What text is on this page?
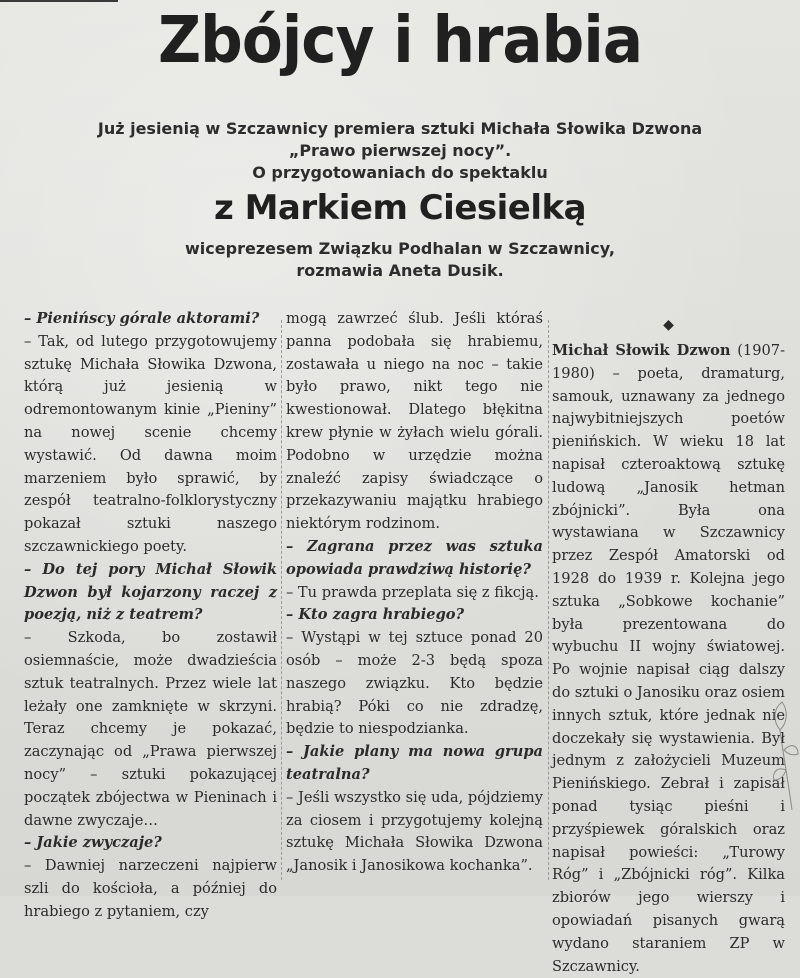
Zbójcy i hrabia
Już jesienią w Szczawnicy premiera sztuki Michała Słowika Dzwona
„Prawo pierwszej nocy”.
O przygotowaniach do spektaklu
z Markiem Ciesielką
wiceprezesem Związku Podhalan w Szczawnicy,
rozmawia Aneta Dusik.

– Pienińscy górale aktorami?

– Tak, od lutego przygotowujemy sztukę Michała Słowika Dzwona, którą już jesienią w odremontowanym kinie „Pieniny” na nowej scenie chcemy wystawić. Od dawna moim marzeniem było sprawić, by zespół teatralno-folklorystyczny pokazał sztuki naszego szczawnickiego poety.

– Do tej pory Michał Słowik Dzwon był kojarzony raczej z poezją, niż z teatrem?

– Szkoda, bo zostawił osiemnaście, może dwadzieścia sztuk teatralnych. Przez wiele lat leżały one zamknięte w skrzyni. Teraz chcemy je pokazać, zaczynając od „Prawa pierwszej nocy” – sztuki pokazującej początek zbójectwa w Pieninach i dawne zwyczaje…

– Jakie zwyczaje?

– Dawniej narzeczeni najpierw szli do kościoła, a później do hrabiego z pytaniem, czy

mogą zawrzeć ślub. Jeśli któraś panna podobała się hrabiemu, zostawała u niego na noc – takie było prawo, nikt tego nie kwestionował. Dlatego błękitna krew płynie w żyłach wielu górali. Podobno w urzędzie można znaleźć zapisy świadczące o przekazywaniu majątku hrabiego niektórym rodzinom.

– Zagrana przez was sztuka opowiada prawdziwą historię?

– Tu prawda przeplata się z fikcją.

– Kto zagra hrabiego?

– Wystąpi w tej sztuce ponad 20 osób – może 2-3 będą spoza naszego związku. Kto będzie hrabią? Póki co nie zdradzę, będzie to niespodzianka.

– Jakie plany ma nowa grupa teatralna?

– Jeśli wszystko się uda, pójdziemy za ciosem i przygotujemy kolejną sztukę Michała Słowika Dzwona „Janosik i Janosikowa kochanka”.

◆

Michał Słowik Dzwon (1907-1980) – poeta, dramaturg, samouk, uznawany za jednego najwybitniejszych poetów pienińskich. W wieku 18 lat napisał czteroaktową sztukę ludową „Janosik hetman zbójnicki”. Była ona wystawiana w Szczawnicy przez Zespół Amatorski od 1928 do 1939 r. Kolejna jego sztuka „Sobkowe kochanie” była prezentowana do wybuchu II wojny światowej. Po wojnie napisał ciąg dalszy do sztuki o Janosiku oraz osiem innych sztuk, które jednak nie doczekały się wystawienia. Był jednym z założycieli Muzeum Pienińskiego. Zebrał i zapisał ponad tysiąc pieśni i przyśpiewek góralskich oraz napisał powieści: „Turowy Róg” i „Zbójnicki róg”. Kilka zbiorów jego wierszy i opowiadań pisanych gwarą wydano staraniem ZP w Szczawnicy.
